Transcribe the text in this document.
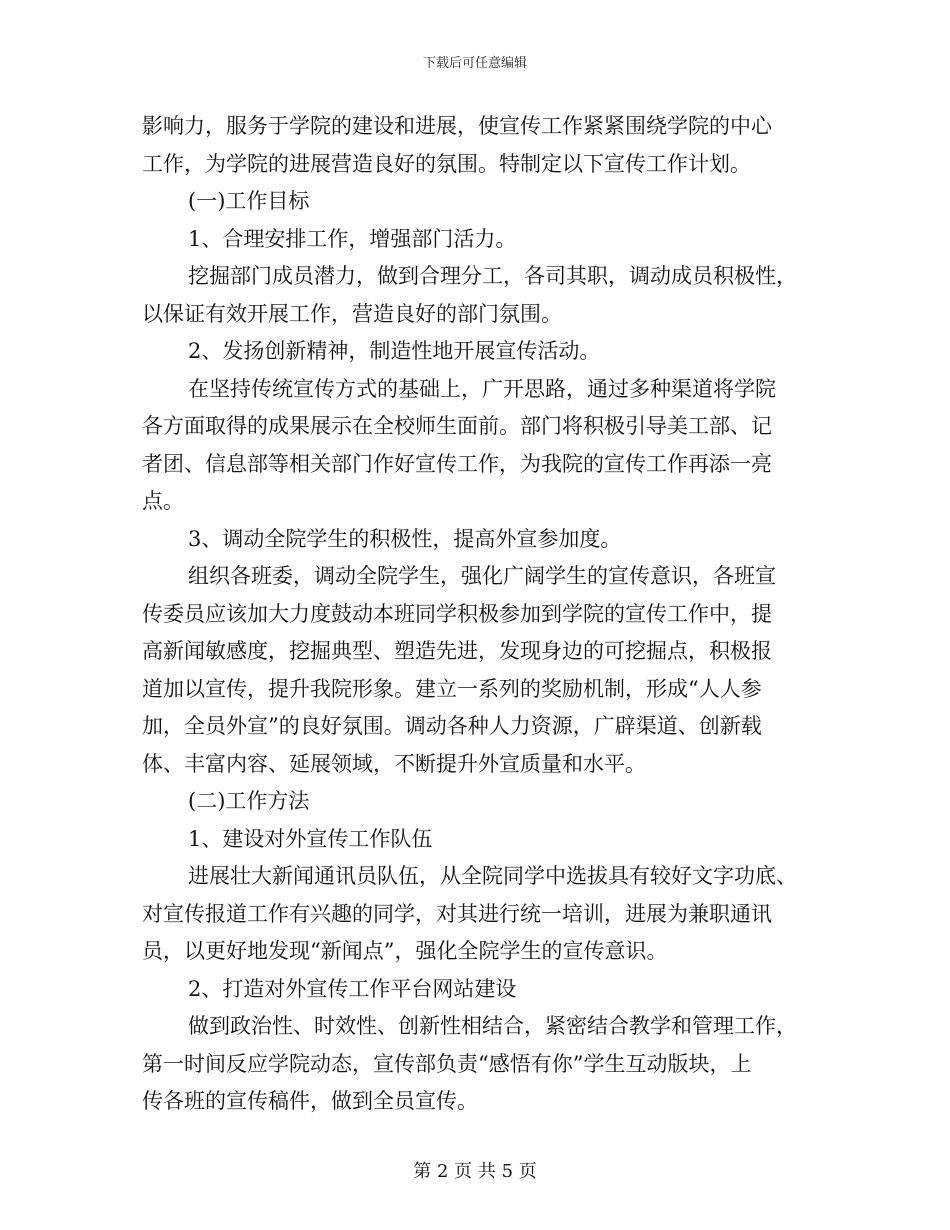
下载后可任意编辑
影响力，服务于学院的建设和进展，使宣传工作紧紧围绕学院的中心
工作，为学院的进展营造良好的氛围。特制定以下宣传工作计划。
(一)工作目标
1、合理安排工作，增强部门活力。
挖掘部门成员潜力，做到合理分工，各司其职，调动成员积极性，
以保证有效开展工作，营造良好的部门氛围。
2、发扬创新精神，制造性地开展宣传活动。
在坚持传统宣传方式的基础上，广开思路，通过多种渠道将学院
各方面取得的成果展示在全校师生面前。部门将积极引导美工部、记
者团、信息部等相关部门作好宣传工作，为我院的宣传工作再添一亮
点。
3、调动全院学生的积极性，提高外宣参加度。
组织各班委，调动全院学生，强化广阔学生的宣传意识，各班宣
传委员应该加大力度鼓动本班同学积极参加到学院的宣传工作中，提
高新闻敏感度，挖掘典型、塑造先进，发现身边的可挖掘点，积极报
道加以宣传，提升我院形象。建立一系列的奖励机制，形成“人人参
加，全员外宣”的良好氛围。调动各种人力资源，广辟渠道、创新载
体、丰富内容、延展领域，不断提升外宣质量和水平。
(二)工作方法
1、建设对外宣传工作队伍
进展壮大新闻通讯员队伍，从全院同学中选拔具有较好文字功底、
对宣传报道工作有兴趣的同学，对其进行统一培训，进展为兼职通讯
员，以更好地发现“新闻点”，强化全院学生的宣传意识。
2、打造对外宣传工作平台网站建设
做到政治性、时效性、创新性相结合，紧密结合教学和管理工作，
第一时间反应学院动态，宣传部负责“感悟有你”学生互动版块，上
传各班的宣传稿件，做到全员宣传。
第 2 页 共 5 页
